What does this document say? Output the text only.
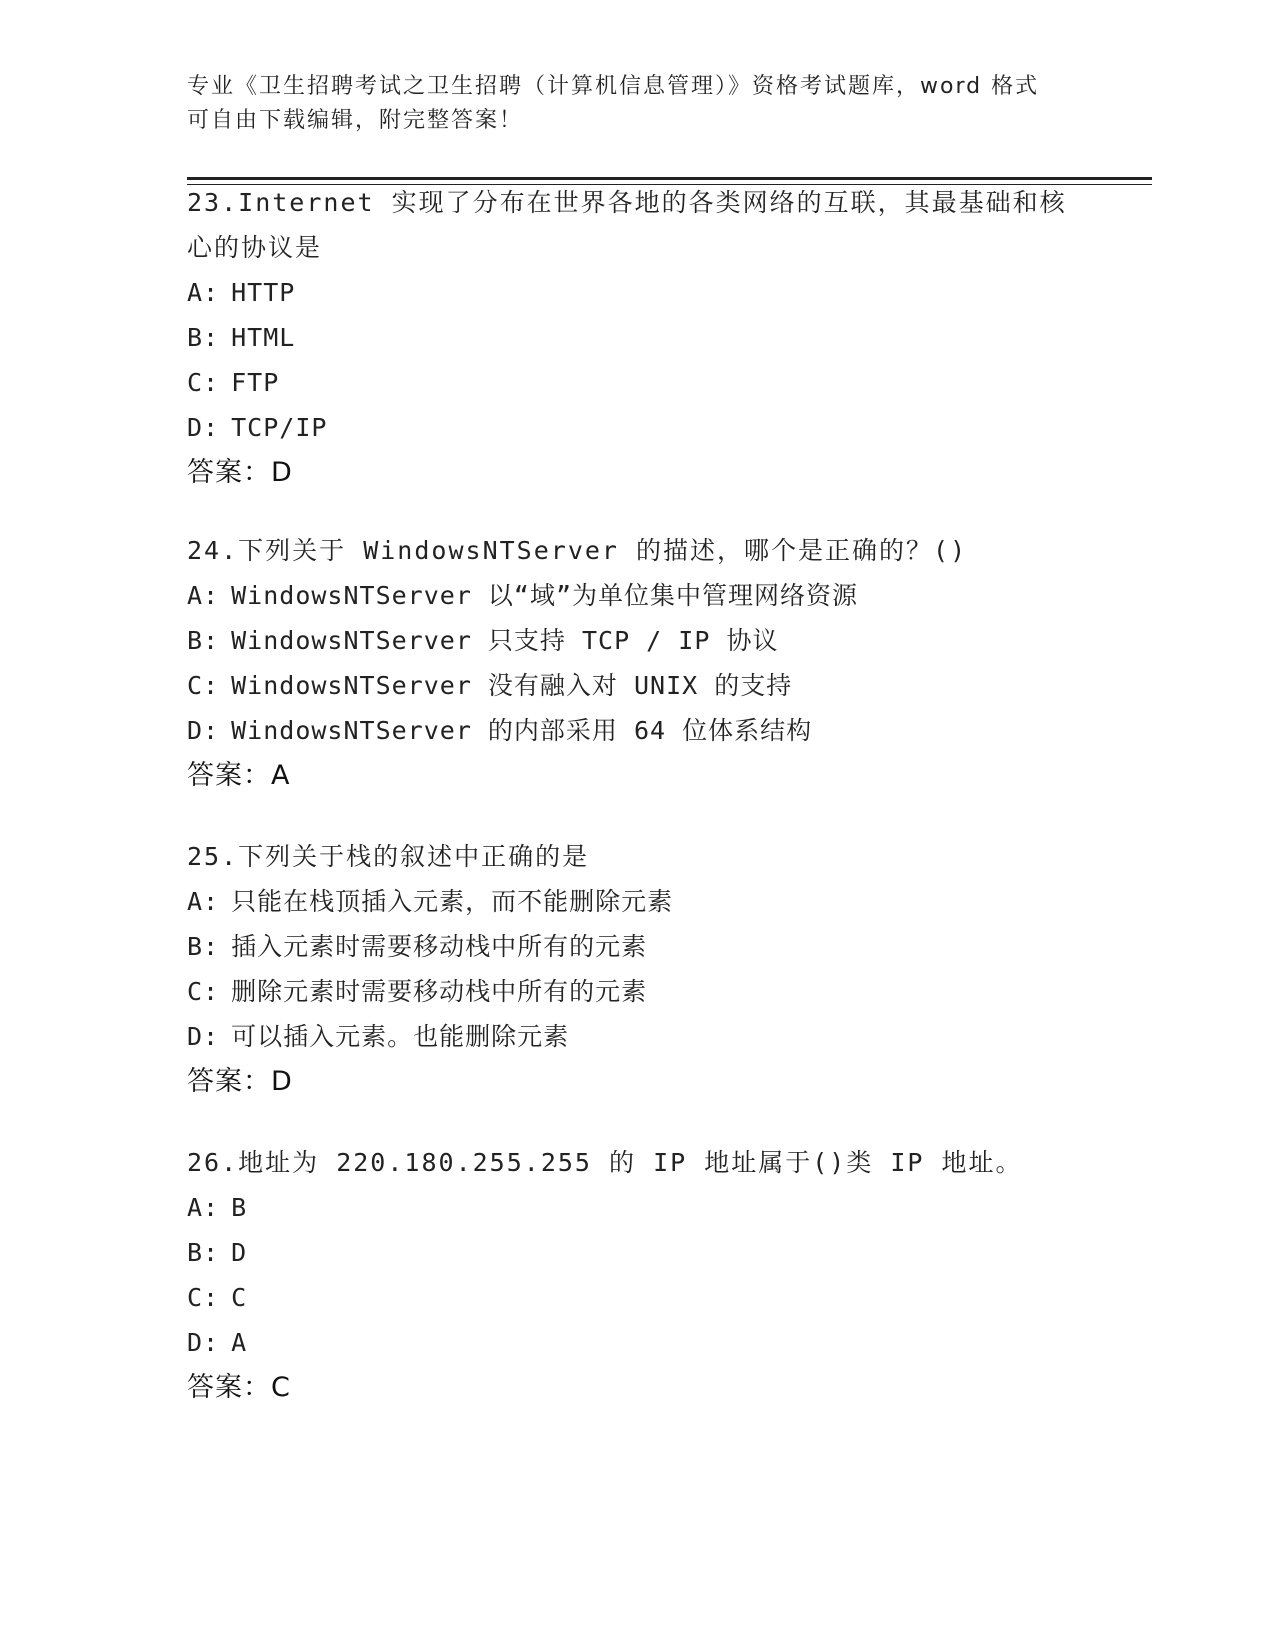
专业《卫生招聘考试之卫生招聘（计算机信息管理）》资格考试题库，word 格式
可自由下载编辑，附完整答案！
23.Internet 实现了分布在世界各地的各类网络的互联，其最基础和核
心的协议是
A: HTTP
B: HTML
C: FTP
D: TCP/IP
答案：D
24.下列关于 WindowsNTServer 的描述，哪个是正确的？()
A: WindowsNTServer 以“域”为单位集中管理网络资源
B: WindowsNTServer 只支持 TCP / IP 协议
C: WindowsNTServer 没有融入对 UNIX 的支持
D: WindowsNTServer 的内部采用 64 位体系结构
答案：A
25.下列关于栈的叙述中正确的是
A: 只能在栈顶插入元素，而不能删除元素
B: 插入元素时需要移动栈中所有的元素
C: 删除元素时需要移动栈中所有的元素
D: 可以插入元素。也能删除元素
答案：D
26.地址为 220.180.255.255 的 IP 地址属于()类 IP 地址。
A: B
B: D
C: C
D: A
答案：C
